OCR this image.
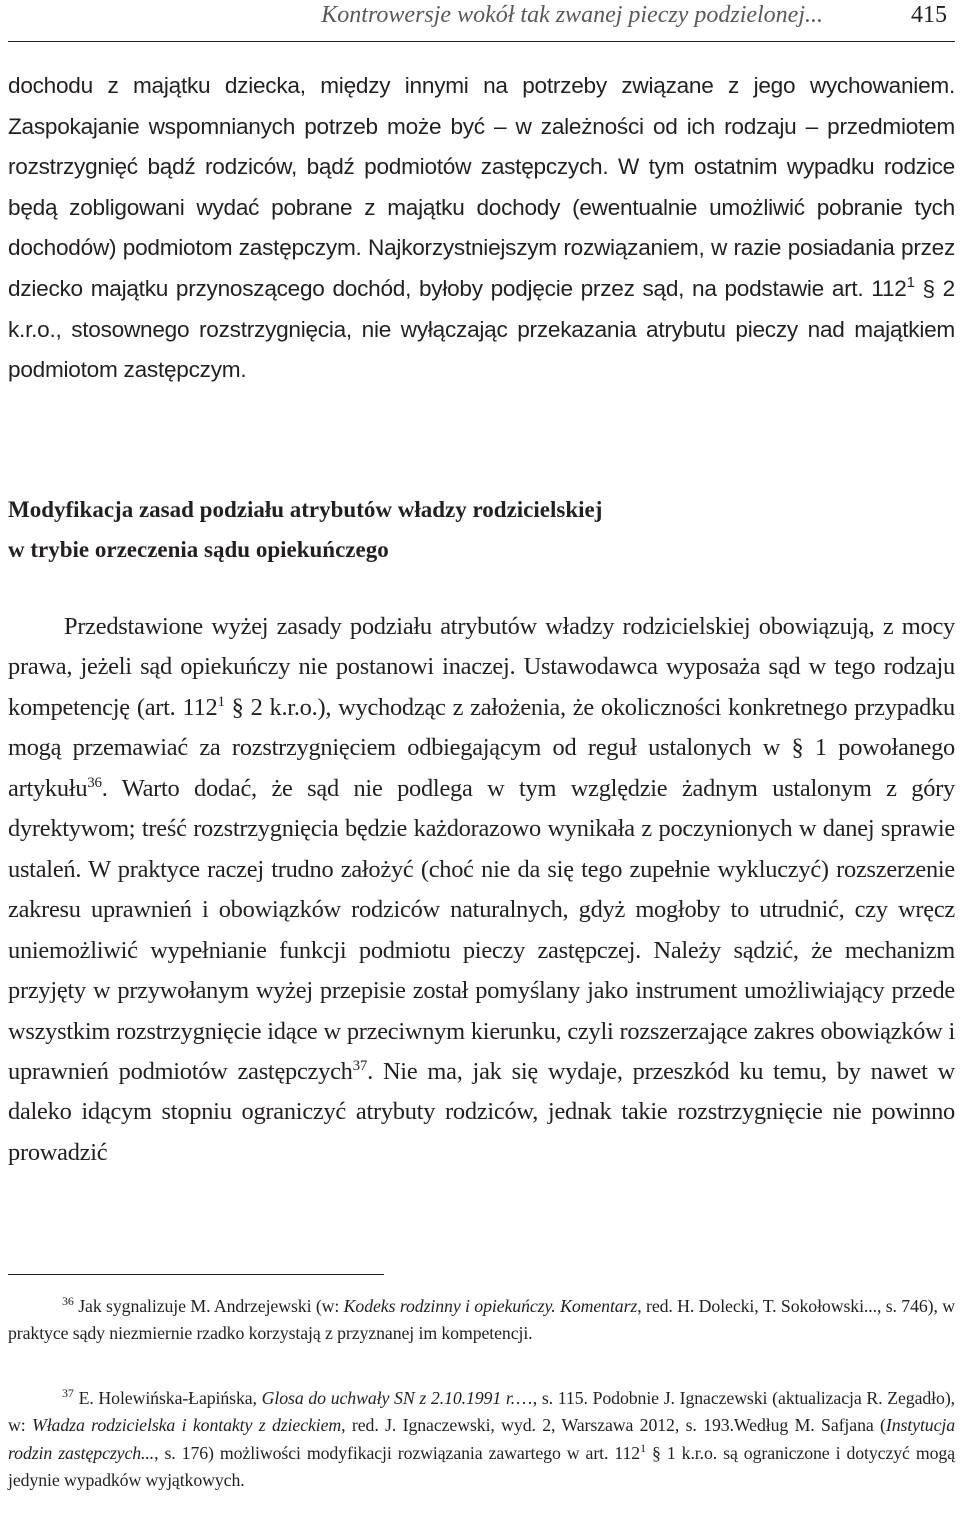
Kontrowersje wokół tak zwanej pieczy podzielonej...	415

dochodu z majątku dziecka, między innymi na potrzeby związane z jego wychowaniem. Zaspokajanie wspomnianych potrzeb może być – w zależności od ich rodzaju – przedmiotem rozstrzygnięć bądź rodziców, bądź podmiotów zastępczych. W tym ostatnim wypadku rodzice będą zobligowani wydać pobrane z majątku dochody (ewentualnie umożliwić pobranie tych dochodów) podmiotom zastępczym. Najkorzystniejszym rozwiązaniem, w razie posiadania przez dziecko majątku przynoszącego dochód, byłoby podjęcie przez sąd, na podstawie art. $112^1$ § 2 k.r.o., stosownego rozstrzygnięcia, nie wyłączając przekazania atrybutu pieczy nad majątkiem podmiotom zastępczym.

Modyfikacja zasad podziału atrybutów władzy rodzicielskiej
w trybie orzeczenia sądu opiekuńczego

Przedstawione wyżej zasady podziału atrybutów władzy rodzicielskiej obowiązują, z mocy prawa, jeżeli sąd opiekuńczy nie postanowi inaczej. Ustawodawca wyposaża sąd w tego rodzaju kompetencję (art. $112^1$ § 2 k.r.o.), wychodząc z założenia, że okoliczności konkretnego przypadku mogą przemawiać za rozstrzygnięciem odbiegającym od reguł ustalonych w § 1 powołanego artykułu$^{36}$. Warto dodać, że sąd nie podlega w tym względzie żadnym ustalonym z góry dyrektywom; treść rozstrzygnięcia będzie każdorazowo wynikała z poczynionych w danej sprawie ustaleń. W praktyce raczej trudno założyć (choć nie da się tego zupełnie wykluczyć) rozszerzenie zakresu uprawnień i obowiązków rodziców naturalnych, gdyż mogłoby to utrudnić, czy wręcz uniemożliwić wypełnianie funkcji podmiotu pieczy zastępczej. Należy sądzić, że mechanizm przyjęty w przywołanym wyżej przepisie został pomyślany jako instrument umożliwiający przede wszystkim rozstrzygnięcie idące w przeciwnym kierunku, czyli rozszerzające zakres obowiązków i uprawnień podmiotów zastępczych$^{37}$. Nie ma, jak się wydaje, przeszkód ku temu, by nawet w daleko idącym stopniu ograniczyć atrybuty rodziców, jednak takie rozstrzygnięcie nie powinno prowadzić

$^{36}$ Jak sygnalizuje M. Andrzejewski (w: Kodeks rodzinny i opiekuńczy. Komentarz, red. H. Dolecki, T. Sokołowski..., s. 746), w praktyce sądy niezmiernie rzadko korzystają z przyznanej im kompetencji.

$^{37}$ E. Holewińska-Łapińska, Glosa do uchwały SN z 2.10.1991 r.…, s. 115. Podobnie J. Ignaczewski (aktualizacja R. Zegadło), w: Władza rodzicielska i kontakty z dzieckiem, red. J. Ignaczewski, wyd. 2, Warszawa 2012, s. 193.Według M. Safjana (Instytucja rodzin zastępczych..., s. 176) możliwości modyfikacji rozwiązania zawartego w art. $112^1$ § 1 k.r.o. są ograniczone i dotyczyć mogą jedynie wypadków wyjątkowych.
